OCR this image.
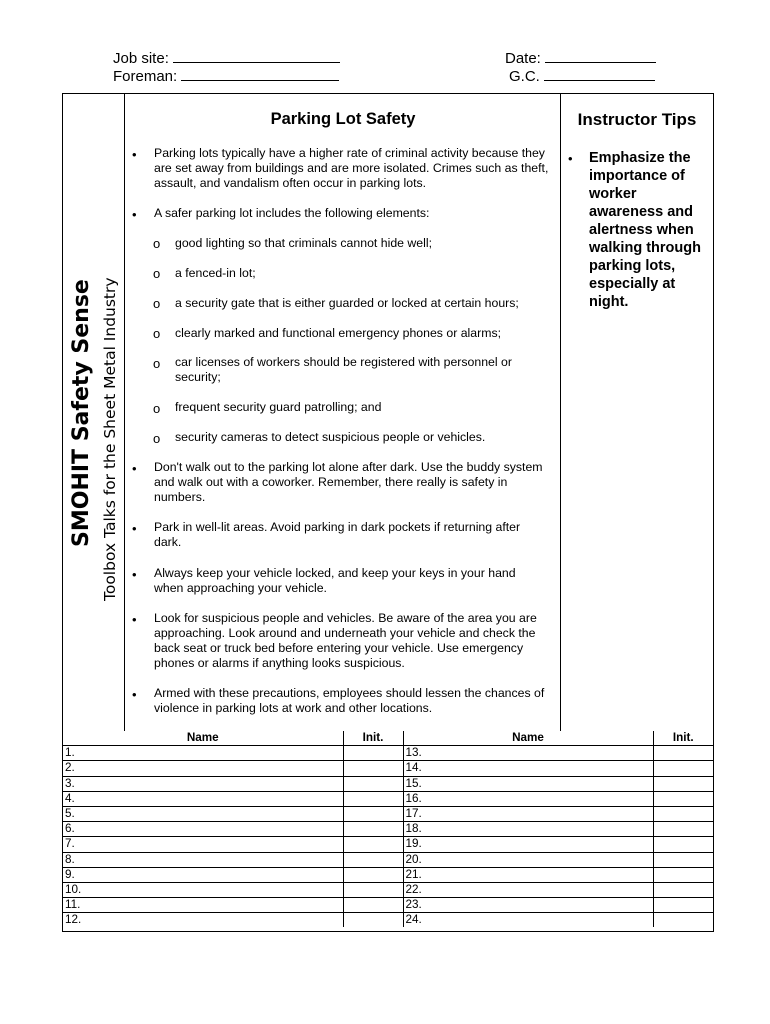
Job site:
Foreman:
Date:
G.C.
SMOHIT Safety Sense Toolbox Talks for the Sheet Metal Industry
Parking Lot Safety
• Parking lots typically have a higher rate of criminal activity because they are set away from buildings and are more isolated. Crimes such as theft, assault, and vandalism often occur in parking lots.
• A safer parking lot includes the following elements:
o good lighting so that criminals cannot hide well;
o a fenced-in lot;
o a security gate that is either guarded or locked at certain hours;
o clearly marked and functional emergency phones or alarms;
o car licenses of workers should be registered with personnel or security;
o frequent security guard patrolling; and
o security cameras to detect suspicious people or vehicles.
• Don't walk out to the parking lot alone after dark. Use the buddy system and walk out with a coworker. Remember, there really is safety in numbers.
• Park in well-lit areas. Avoid parking in dark pockets if returning after dark.
• Always keep your vehicle locked, and keep your keys in your hand when approaching your vehicle.
• Look for suspicious people and vehicles. Be aware of the area you are approaching. Look around and underneath your vehicle and check the back seat or truck bed before entering your vehicle. Use emergency phones or alarms if anything looks suspicious.
• Armed with these precautions, employees should lessen the chances of violence in parking lots at work and other locations.
Instructor Tips
• Emphasize the importance of worker awareness and alertness when walking through parking lots, especially at night.
Name	Init.	Name	Init.
1.		13.	
2.		14.	
3.		15.	
4.		16.	
5.		17.	
6.		18.	
7.		19.	
8.		20.	
9.		21.	
10.		22.	
11.		23.	
12.		24.	
